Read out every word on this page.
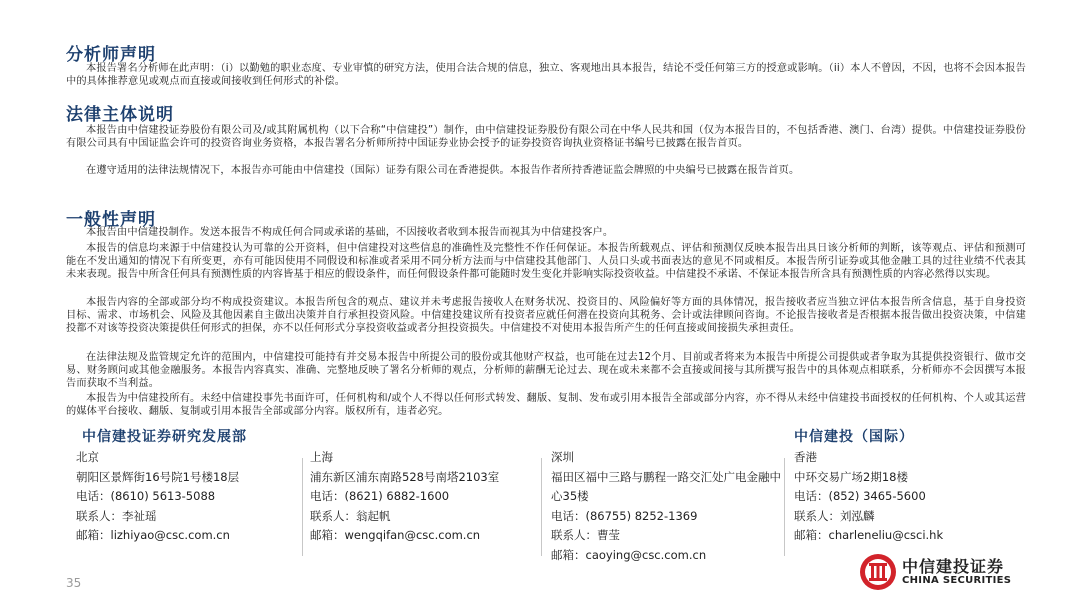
分析师声明

本报告署名分析师在此声明：（i）以勤勉的职业态度、专业审慎的研究方法，使用合法合规的信息，独立、客观地出具本报告，结论不受任何第三方的授意或影响。（ii）本人不曾因，不因，也将不会因本报告中的具体推荐意见或观点而直接或间接收到任何形式的补偿。

法律主体说明

本报告由中信建投证券股份有限公司及/或其附属机构（以下合称“中信建投”）制作，由中信建投证券股份有限公司在中华人民共和国（仅为本报告目的，不包括香港、澳门、台湾）提供。中信建投证券股份有限公司具有中国证监会许可的投资咨询业务资格，本报告署名分析师所持中国证券业协会授予的证券投资咨询执业资格证书编号已披露在报告首页。

在遵守适用的法律法规情况下，本报告亦可能由中信建投（国际）证券有限公司在香港提供。本报告作者所持香港证监会牌照的中央编号已披露在报告首页。

一般性声明

本报告由中信建投制作。发送本报告不构成任何合同或承诺的基础，不因接收者收到本报告而视其为中信建投客户。

本报告的信息均来源于中信建投认为可靠的公开资料，但中信建投对这些信息的准确性及完整性不作任何保证。本报告所载观点、评估和预测仅反映本报告出具日该分析师的判断，该等观点、评估和预测可能在不发出通知的情况下有所变更，亦有可能因使用不同假设和标准或者采用不同分析方法而与中信建投其他部门、人员口头或书面表达的意见不同或相反。本报告所引证券或其他金融工具的过往业绩不代表其未来表现。报告中所含任何具有预测性质的内容皆基于相应的假设条件，而任何假设条件都可能随时发生变化并影响实际投资收益。中信建投不承诺、不保证本报告所含具有预测性质的内容必然得以实现。

本报告内容的全部或部分均不构成投资建议。本报告所包含的观点、建议并未考虑报告接收人在财务状况、投资目的、风险偏好等方面的具体情况，报告接收者应当独立评估本报告所含信息，基于自身投资目标、需求、市场机会、风险及其他因素自主做出决策并自行承担投资风险。中信建投建议所有投资者应就任何潜在投资向其税务、会计或法律顾问咨询。不论报告接收者是否根据本报告做出投资决策，中信建投都不对该等投资决策提供任何形式的担保，亦不以任何形式分享投资收益或者分担投资损失。中信建投不对使用本报告所产生的任何直接或间接损失承担责任。

在法律法规及监管规定允许的范围内，中信建投可能持有并交易本报告中所提公司的股份或其他财产权益，也可能在过去12个月、目前或者将来为本报告中所提公司提供或者争取为其提供投资银行、做市交易、财务顾问或其他金融服务。本报告内容真实、准确、完整地反映了署名分析师的观点，分析师的薪酬无论过去、现在或未来都不会直接或间接与其所撰写报告中的具体观点相联系，分析师亦不会因撰写本报告而获取不当利益。

本报告为中信建投所有。未经中信建投事先书面许可，任何机构和/或个人不得以任何形式转发、翻版、复制、发布或引用本报告全部或部分内容，亦不得从未经中信建投书面授权的任何机构、个人或其运营的媒体平台接收、翻版、复制或引用本报告全部或部分内容。版权所有，违者必究。

中信建投证券研究发展部	中信建投（国际）
北京
朝阳区景辉街16号院1号楼18层
电话：(8610) 5613-5088
联系人：李祉瑶
邮箱：lizhiyao@csc.com.cn
上海
浦东新区浦东南路528号南塔2103室
电话：(8621) 6882-1600
联系人：翁起帆
邮箱：wengqifan@csc.com.cn
深圳
福田区福中三路与鹏程一路交汇处广电金融中心35楼
电话：(86755) 8252-1369
联系人：曹莹
邮箱：caoying@csc.com.cn
香港
中环交易广场2期18楼
电话：(852) 3465-5600
联系人：刘泓麟
邮箱：charleneliu@csci.hk
35
中信建投证券
CHINA SECURITIES
